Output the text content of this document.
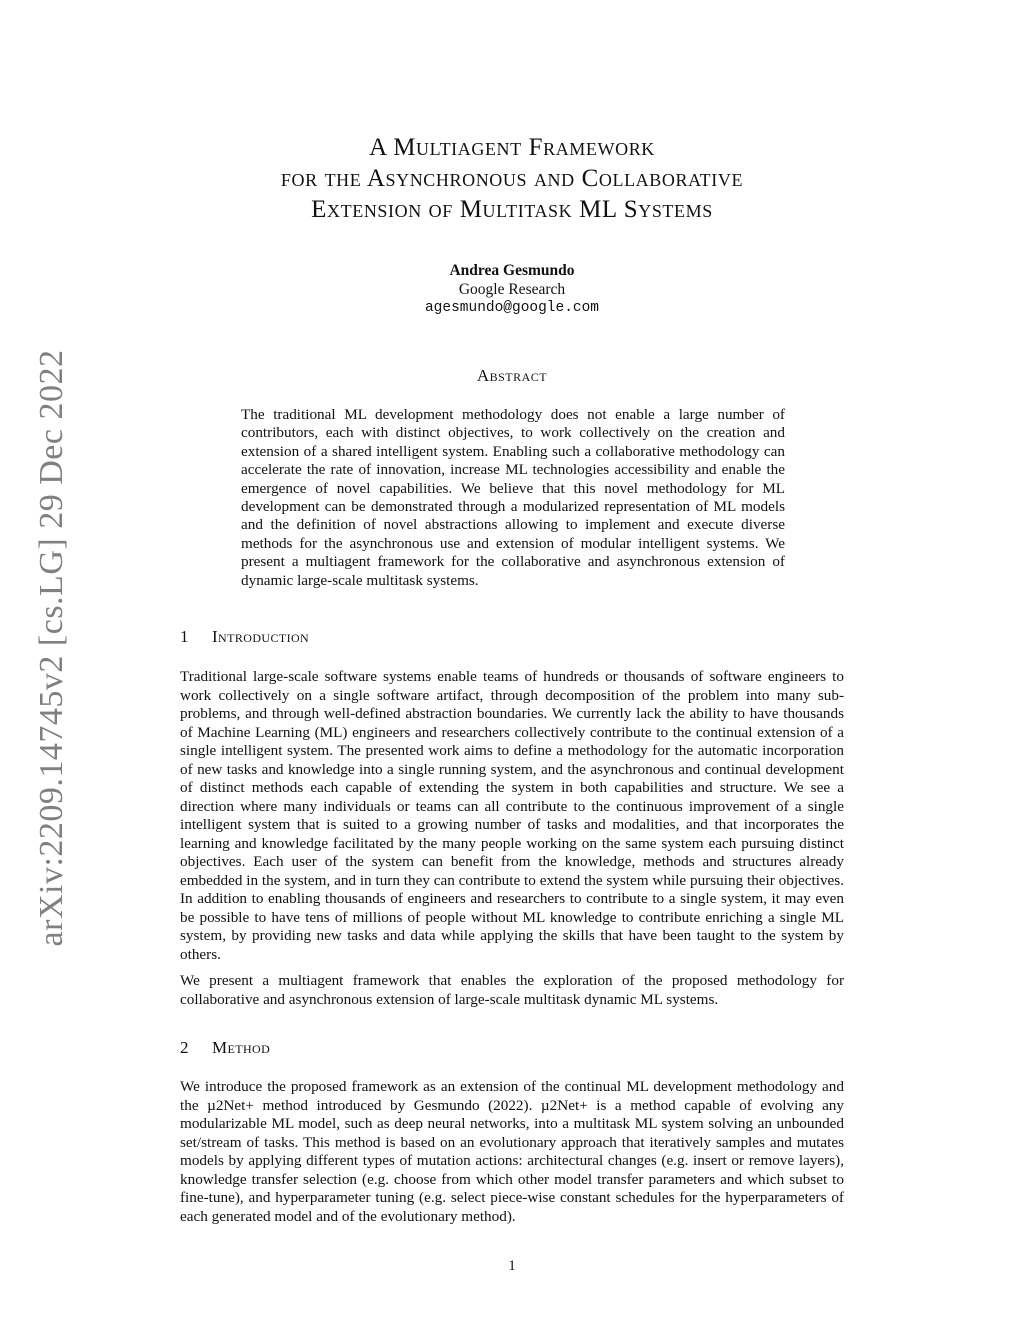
arXiv:2209.14745v2 [cs.LG] 29 Dec 2022
A Multiagent Framework
for the Asynchronous and Collaborative
Extension of Multitask ML Systems
Andrea Gesmundo
Google Research
agesmundo@google.com
Abstract
The traditional ML development methodology does not enable a large number of contributors, each with distinct objectives, to work collectively on the creation and extension of a shared intelligent system. Enabling such a collaborative methodology can accelerate the rate of innovation, increase ML technologies accessibility and enable the emergence of novel capabilities. We believe that this novel methodology for ML development can be demonstrated through a modularized representation of ML models and the definition of novel abstractions allowing to implement and execute diverse methods for the asynchronous use and extension of modular intelligent systems. We present a multiagent framework for the collaborative and asynchronous extension of dynamic large-scale multitask systems.
1 Introduction
Traditional large-scale software systems enable teams of hundreds or thousands of software engineers to work collectively on a single software artifact, through decomposition of the problem into many sub-problems, and through well-defined abstraction boundaries. We currently lack the ability to have thousands of Machine Learning (ML) engineers and researchers collectively contribute to the continual extension of a single intelligent system. The presented work aims to define a methodology for the automatic incorporation of new tasks and knowledge into a single running system, and the asynchronous and continual development of distinct methods each capable of extending the system in both capabilities and structure. We see a direction where many individuals or teams can all contribute to the continuous improvement of a single intelligent system that is suited to a growing number of tasks and modalities, and that incorporates the learning and knowledge facilitated by the many people working on the same system each pursuing distinct objectives. Each user of the system can benefit from the knowledge, methods and structures already embedded in the system, and in turn they can contribute to extend the system while pursuing their objectives. In addition to enabling thousands of engineers and researchers to contribute to a single system, it may even be possible to have tens of millions of people without ML knowledge to contribute enriching a single ML system, by providing new tasks and data while applying the skills that have been taught to the system by others.
We present a multiagent framework that enables the exploration of the proposed methodology for collaborative and asynchronous extension of large-scale multitask dynamic ML systems.
2 Method
We introduce the proposed framework as an extension of the continual ML development methodology and the µ2Net+ method introduced by Gesmundo (2022). µ2Net+ is a method capable of evolving any modularizable ML model, such as deep neural networks, into a multitask ML system solving an unbounded set/stream of tasks. This method is based on an evolutionary approach that iteratively samples and mutates models by applying different types of mutation actions: architectural changes (e.g. insert or remove layers), knowledge transfer selection (e.g. choose from which other model transfer parameters and which subset to fine-tune), and hyperparameter tuning (e.g. select piece-wise constant schedules for the hyperparameters of each generated model and of the evolutionary method).
1
